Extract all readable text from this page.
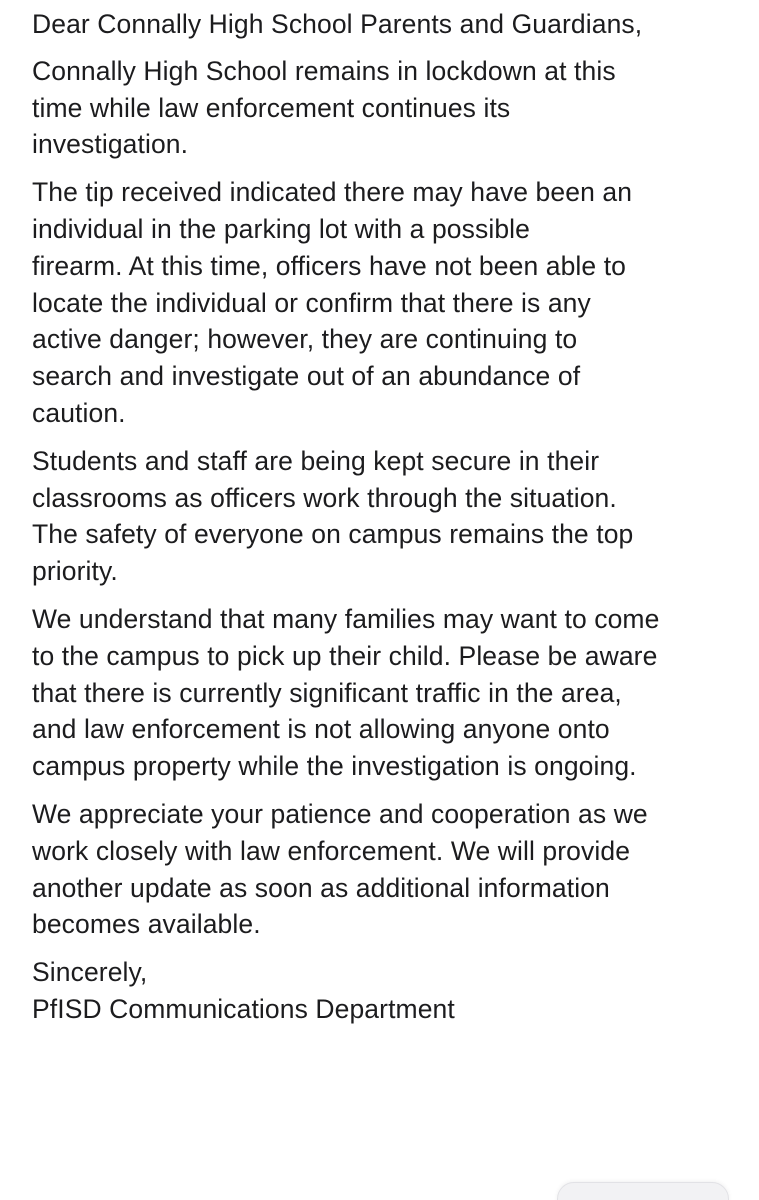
Dear Connally High School Parents and Guardians,

Connally High School remains in lockdown at this
time while law enforcement continues its
investigation.

The tip received indicated there may have been an
individual in the parking lot with a possible
firearm. At this time, officers have not been able to
locate the individual or confirm that there is any
active danger; however, they are continuing to
search and investigate out of an abundance of
caution.

Students and staff are being kept secure in their
classrooms as officers work through the situation.
The safety of everyone on campus remains the top
priority.

We understand that many families may want to come
to the campus to pick up their child. Please be aware
that there is currently significant traffic in the area,
and law enforcement is not allowing anyone onto
campus property while the investigation is ongoing.

We appreciate your patience and cooperation as we
work closely with law enforcement. We will provide
another update as soon as additional information
becomes available.

Sincerely,

PfISD Communications Department
